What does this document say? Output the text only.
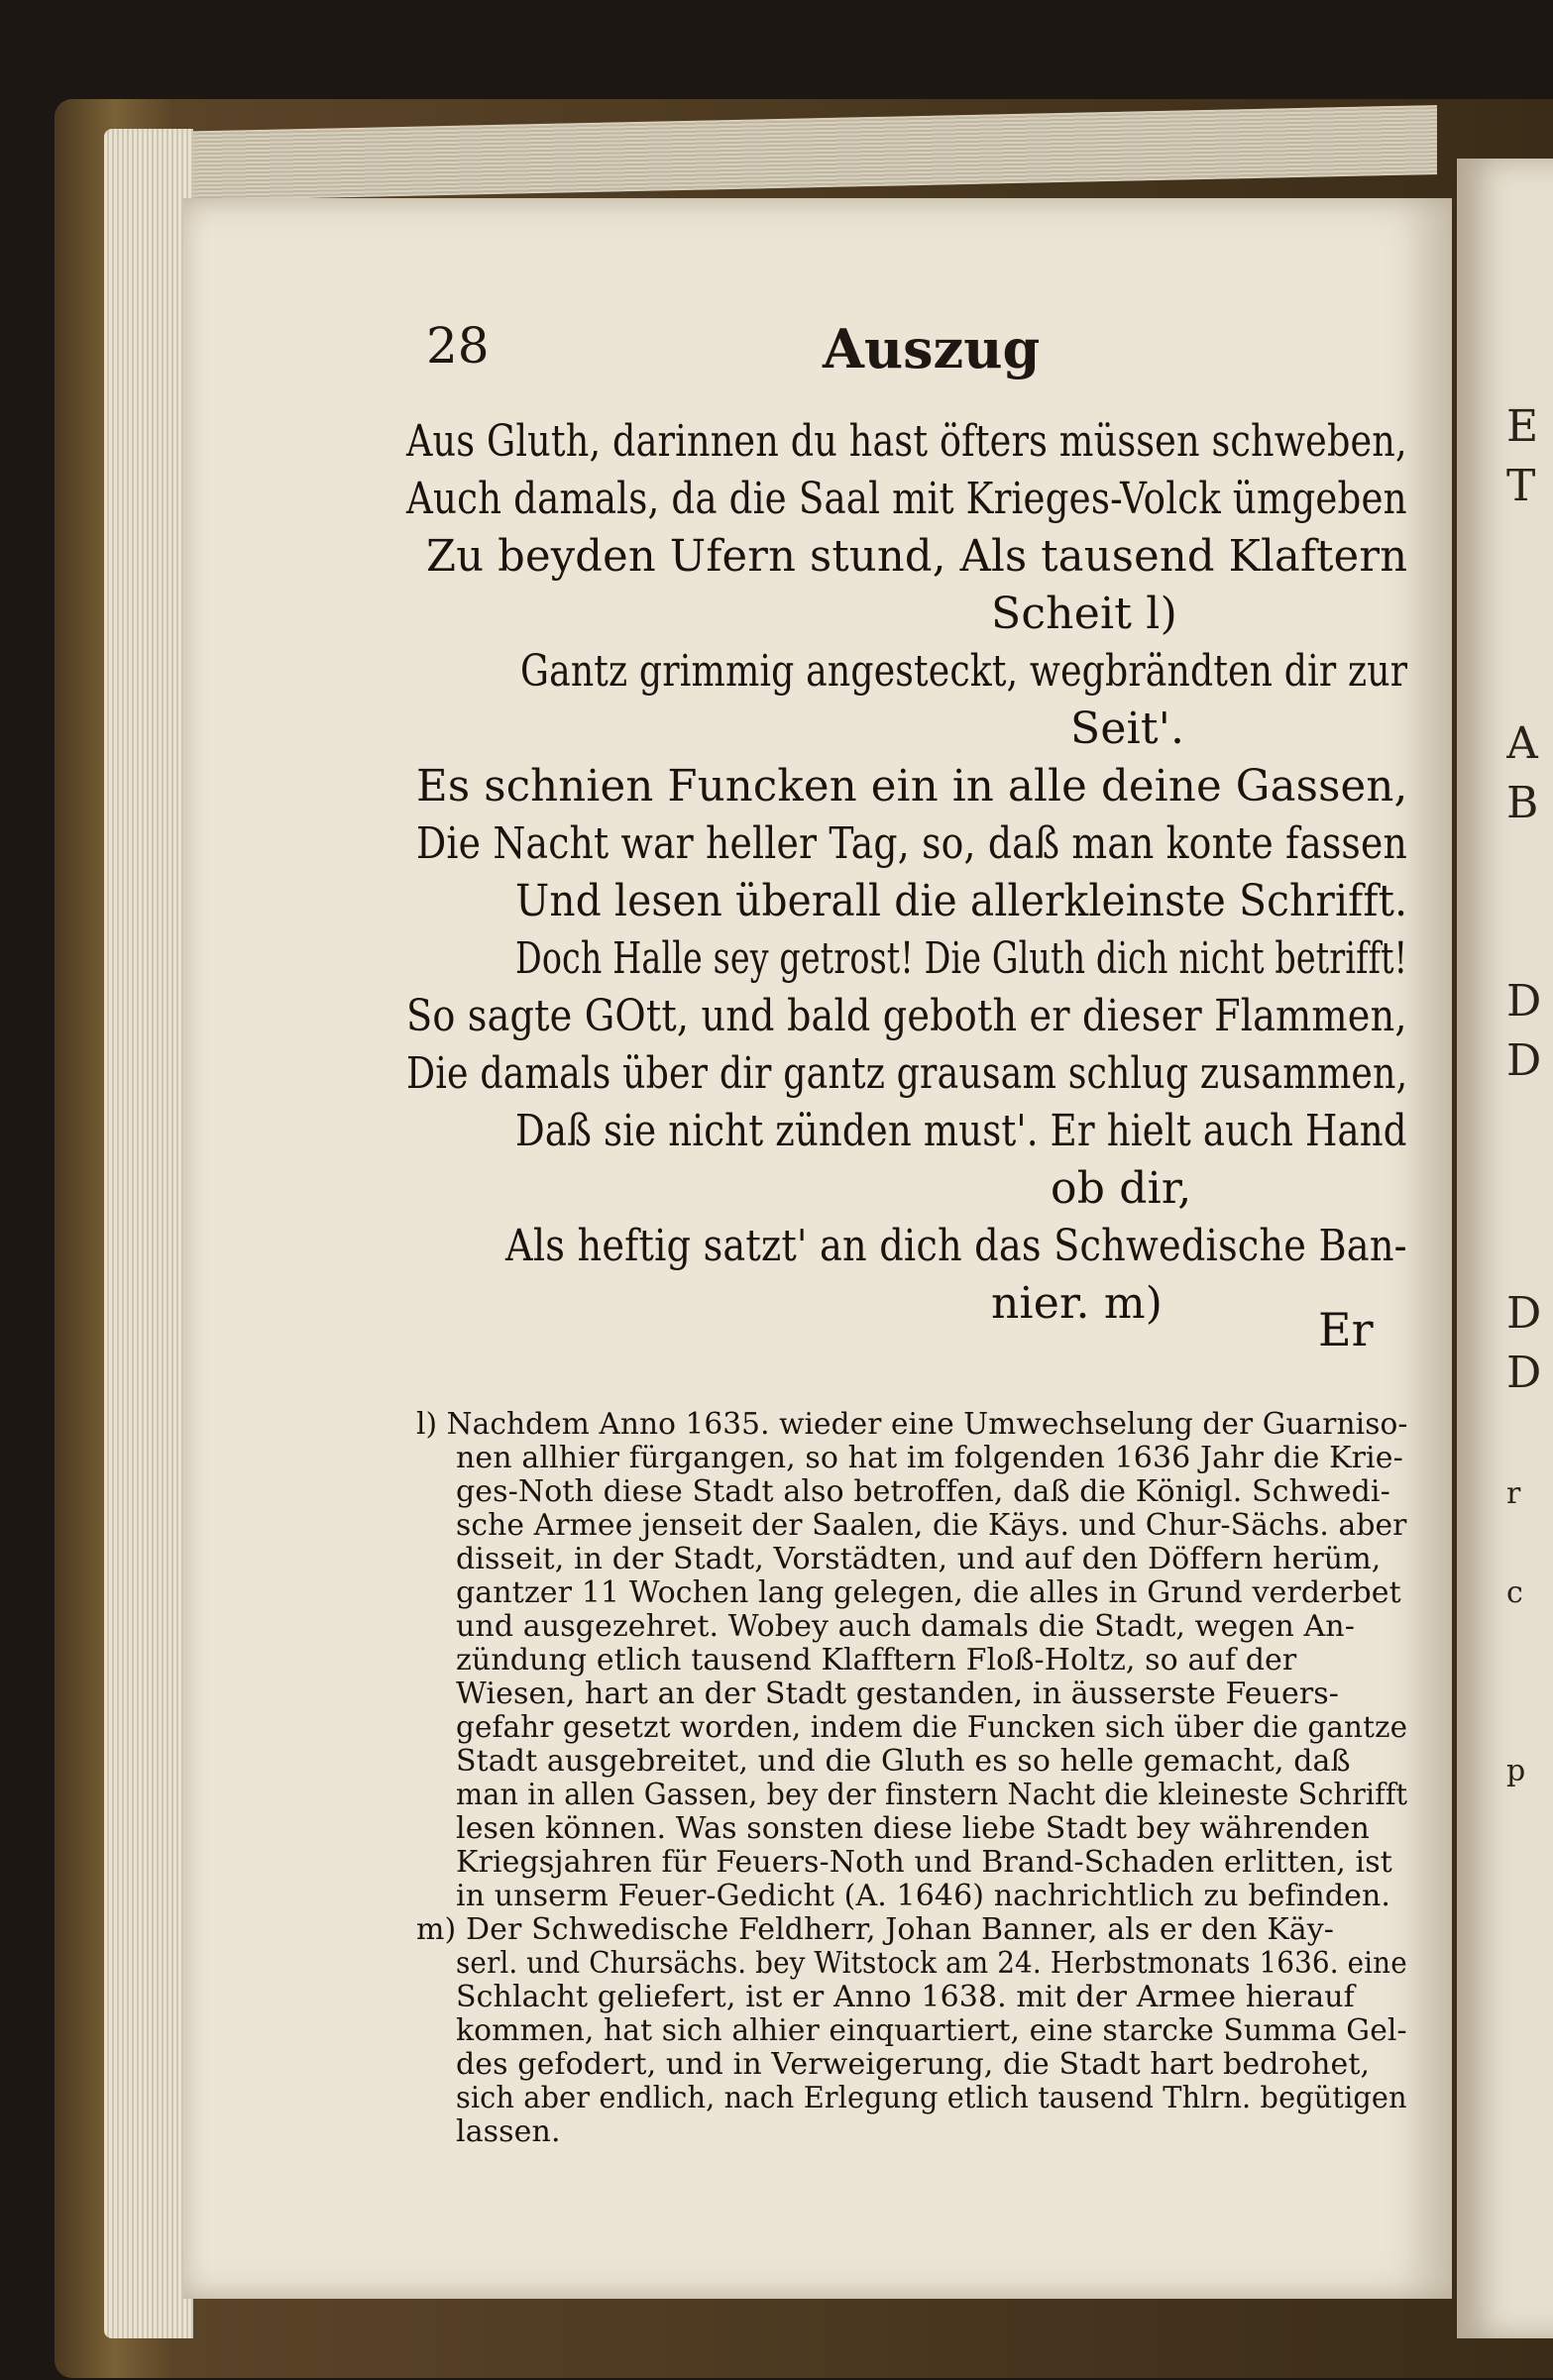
28	Auszug
Aus Gluth, darinnen du hast öfters müssen schweben,
Auch damals, da die Saal mit Krieges-Volck ümgeben
Zu beyden Ufern stund, Als tausend Klaftern
Scheit l)
Gantz grimmig angesteckt, wegbrändten dir zur
Seit'.
Es schnien Funcken ein in alle deine Gassen,
Die Nacht war heller Tag, so, daß man konte fassen
Und lesen überall die allerkleinste Schrifft.
Doch Halle sey getrost! Die Gluth dich nicht betrifft!
So sagte GOtt, und bald geboth er dieser Flammen,
Die damals über dir gantz grausam schlug zusammen,
Daß sie nicht zünden must'. Er hielt auch Hand
ob dir,
Als heftig satzt' an dich das Schwedische Ban-
nier. m)	Er
l) Nachdem Anno 1635. wieder eine Umwechselung der Guarniso-
nen allhier fürgangen, so hat im folgenden 1636 Jahr die Krie-
ges-Noth diese Stadt also betroffen, daß die Königl. Schwedi-
sche Armee jenseit der Saalen, die Käys. und Chur-Sächs. aber
disseit, in der Stadt, Vorstädten, und auf den Döffern herüm,
gantzer 11 Wochen lang gelegen, die alles in Grund verderbet
und ausgezehret. Wobey auch damals die Stadt, wegen An-
zündung etlich tausend Klafftern Floß-Holtz, so auf der
Wiesen, hart an der Stadt gestanden, in äusserste Feuers-
gefahr gesetzt worden, indem die Funcken sich über die gantze
Stadt ausgebreitet, und die Gluth es so helle gemacht, daß
man in allen Gassen, bey der finstern Nacht die kleineste Schrifft
lesen können. Was sonsten diese liebe Stadt bey währenden
Kriegsjahren für Feuers-Noth und Brand-Schaden erlitten, ist
in unserm Feuer-Gedicht (A. 1646) nachrichtlich zu befinden.
m) Der Schwedische Feldherr, Johan Banner, als er den Käy-
serl. und Chursächs. bey Witstock am 24. Herbstmonats 1636. eine
Schlacht geliefert, ist er Anno 1638. mit der Armee hierauf
kommen, hat sich alhier einquartiert, eine starcke Summa Gel-
des gefodert, und in Verweigerung, die Stadt hart bedrohet,
sich aber endlich, nach Erlegung etlich tausend Thlrn. begütigen
lassen.
E
T
A
B
D
D
D
D
r
c
p
